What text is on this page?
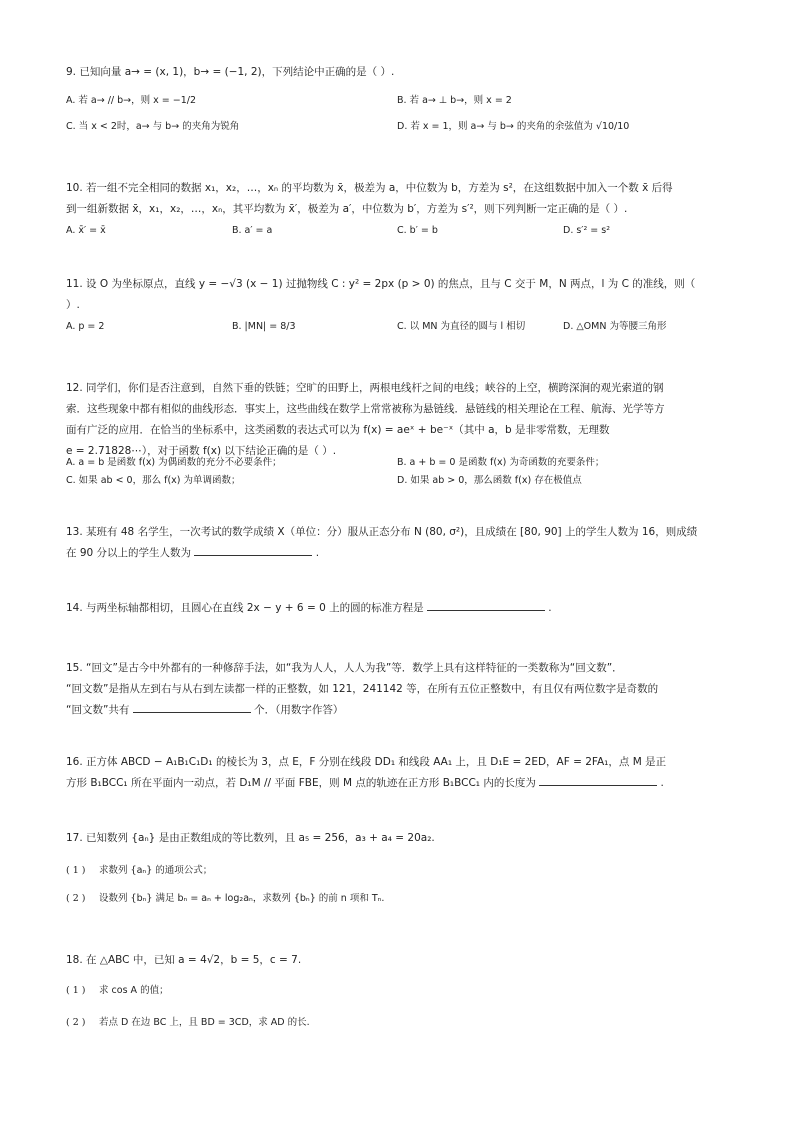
9. 已知向量 a→ = (x, 1)，b→ = (−1, 2)，下列结论中正确的是（ ）.
A. 若 a→ // b→，则 x = −1/2	B. 若 a→ ⊥ b→，则 x = 2
C. 当 x < 2时，a→ 与 b→ 的夹角为锐角	D. 若 x = 1，则 a→ 与 b→ 的夹角的余弦值为 √10/10
10. 若一组不完全相同的数据 x₁，x₂，…，xₙ 的平均数为 x̄，极差为 a，中位数为 b，方差为 s²，在这组数据中加入一个数 x̄ 后得
到一组新数据 x̄，x₁，x₂，…，xₙ，其平均数为 x̄′，极差为 a′，中位数为 b′，方差为 s′²，则下列判断一定正确的是（ ）.
A. x̄′ = x̄	B. a′ = a	C. b′ = b	D. s′² = s²
11. 设 O 为坐标原点，直线 y = −√3 (x − 1) 过抛物线 C : y² = 2px (p > 0) 的焦点，且与 C 交于 M，N 两点，l 为 C 的准线，则（
）.
A. p = 2	B. |MN| = 8/3	C. 以 MN 为直径的圆与 l 相切	D. △OMN 为等腰三角形
12. 同学们，你们是否注意到，自然下垂的铁链；空旷的田野上，两根电线杆之间的电线；峡谷的上空，横跨深涧的观光索道的钢
索．这些现象中都有相似的曲线形态．事实上，这些曲线在数学上常常被称为悬链线．悬链线的相关理论在工程、航海、光学等方
面有广泛的应用．在恰当的坐标系中，这类函数的表达式可以为 f(x) = aeˣ + be⁻ˣ（其中 a，b 是非零常数，无理数
e = 2.71828⋯），对于函数 f(x) 以下结论正确的是（ ）.
A. a = b 是函数 f(x) 为偶函数的充分不必要条件；	B. a + b = 0 是函数 f(x) 为奇函数的充要条件；
C. 如果 ab < 0，那么 f(x) 为单调函数；	D. 如果 ab > 0，那么函数 f(x) 存在极值点
13. 某班有 48 名学生，一次考试的数学成绩 X（单位：分）服从正态分布 N (80, σ²)，且成绩在 [80, 90] 上的学生人数为 16，则成绩
在 90 分以上的学生人数为	.
14. 与两坐标轴都相切，且圆心在直线 2x − y + 6 = 0 上的圆的标准方程是	.
15. “回文”是古今中外都有的一种修辞手法，如“我为人人，人人为我”等．数学上具有这样特征的一类数称为“回文数”．
“回文数”是指从左到右与从右到左读都一样的正整数，如 121，241142 等，在所有五位正整数中，有且仅有两位数字是奇数的
“回文数”共有	个．（用数字作答）
16. 正方体 ABCD − A₁B₁C₁D₁ 的棱长为 3，点 E，F 分别在线段 DD₁ 和线段 AA₁ 上，且 D₁E = 2ED，AF = 2FA₁，点 M 是正
方形 B₁BCC₁ 所在平面内一动点，若 D₁M // 平面 FBE，则 M 点的轨迹在正方形 B₁BCC₁ 内的长度为	.
17. 已知数列 {aₙ} 是由正数组成的等比数列，且 a₅ = 256，a₃ + a₄ = 20a₂.
( 1 ) 求数列 {aₙ} 的通项公式；
( 2 ) 设数列 {bₙ} 满足 bₙ = aₙ + log₂aₙ，求数列 {bₙ} 的前 n 项和 Tₙ.
18. 在 △ABC 中，已知 a = 4√2，b = 5，c = 7.
( 1 ) 求 cos A 的值；
( 2 ) 若点 D 在边 BC 上，且 BD = 3CD，求 AD 的长.
